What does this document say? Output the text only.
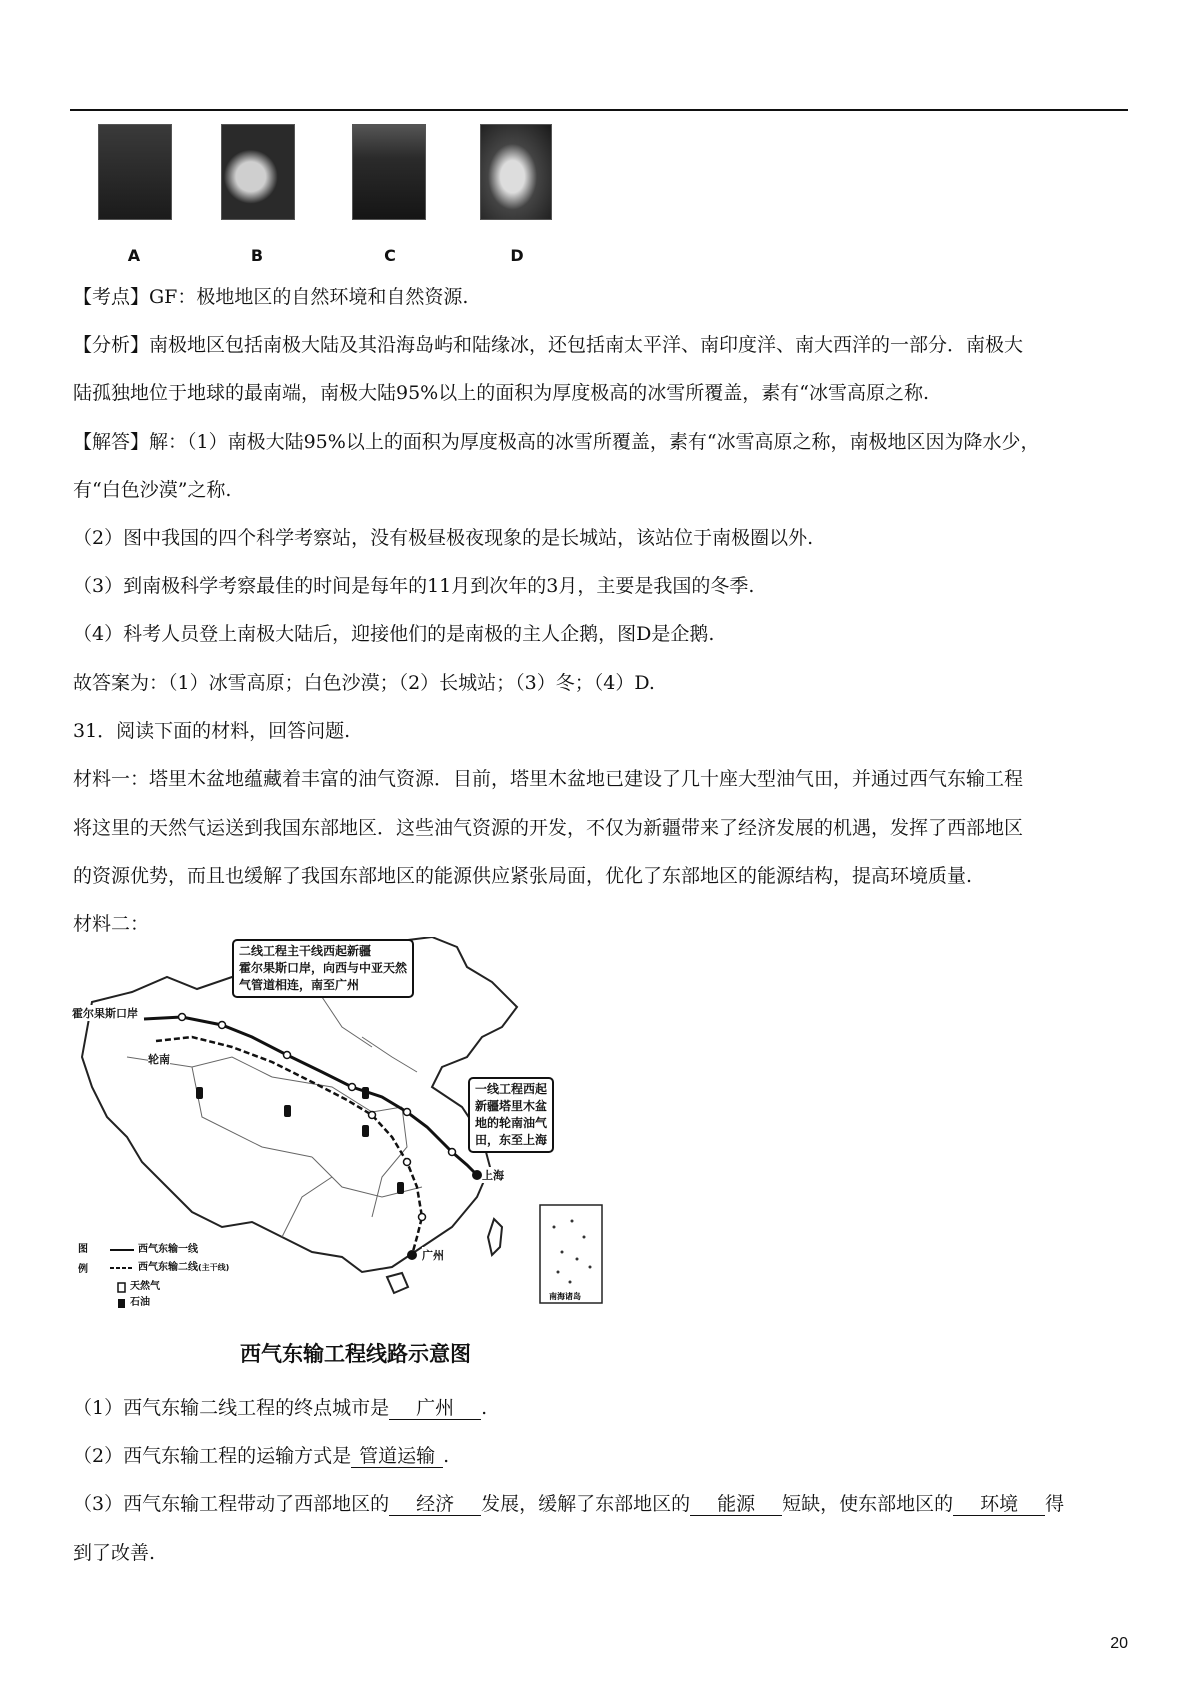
A	B	C	D
【考点】GF：极地地区的自然环境和自然资源.
【分析】南极地区包括南极大陆及其沿海岛屿和陆缘冰，还包括南太平洋、南印度洋、南大西洋的一部分．南极大
陆孤独地位于地球的最南端，南极大陆95%以上的面积为厚度极高的冰雪所覆盖，素有“冰雪高原之称.
【解答】解：（1）南极大陆95%以上的面积为厚度极高的冰雪所覆盖，素有“冰雪高原之称，南极地区因为降水少，
有“白色沙漠”之称.
（2）图中我国的四个科学考察站，没有极昼极夜现象的是长城站，该站位于南极圈以外.
（3）到南极科学考察最佳的时间是每年的11月到次年的3月，主要是我国的冬季.
（4）科考人员登上南极大陆后，迎接他们的是南极的主人企鹅，图D是企鹅.
故答案为：（1）冰雪高原；白色沙漠；（2）长城站；（3）冬；（4）D.
31．阅读下面的材料，回答问题.
材料一：塔里木盆地蕴藏着丰富的油气资源．目前，塔里木盆地已建设了几十座大型油气田，并通过西气东输工程
将这里的天然气运送到我国东部地区．这些油气资源的开发，不仅为新疆带来了经济发展的机遇，发挥了西部地区
的资源优势，而且也缓解了我国东部地区的能源供应紧张局面，优化了东部地区的能源结构，提高环境质量.
材料二：
南海诸岛
二线工程主干线西起新疆
霍尔果斯口岸，向西与中亚天然
气管道相连，南至广州
一线工程西起
新疆塔里木盆
地的轮南油气
田，东至上海
霍尔果斯口岸
轮南
上海
广州
图例
西气东输一线
西气东输二线(主干线)
天然气
石油
西气东输工程线路示意图
（1）西气东输二线工程的终点城市是 广州 .
（2）西气东输工程的运输方式是 管道运输 .
（3）西气东输工程带动了西部地区的 经济 发展，缓解了东部地区的 能源 短缺，使东部地区的 环境 得
到了改善.
20
